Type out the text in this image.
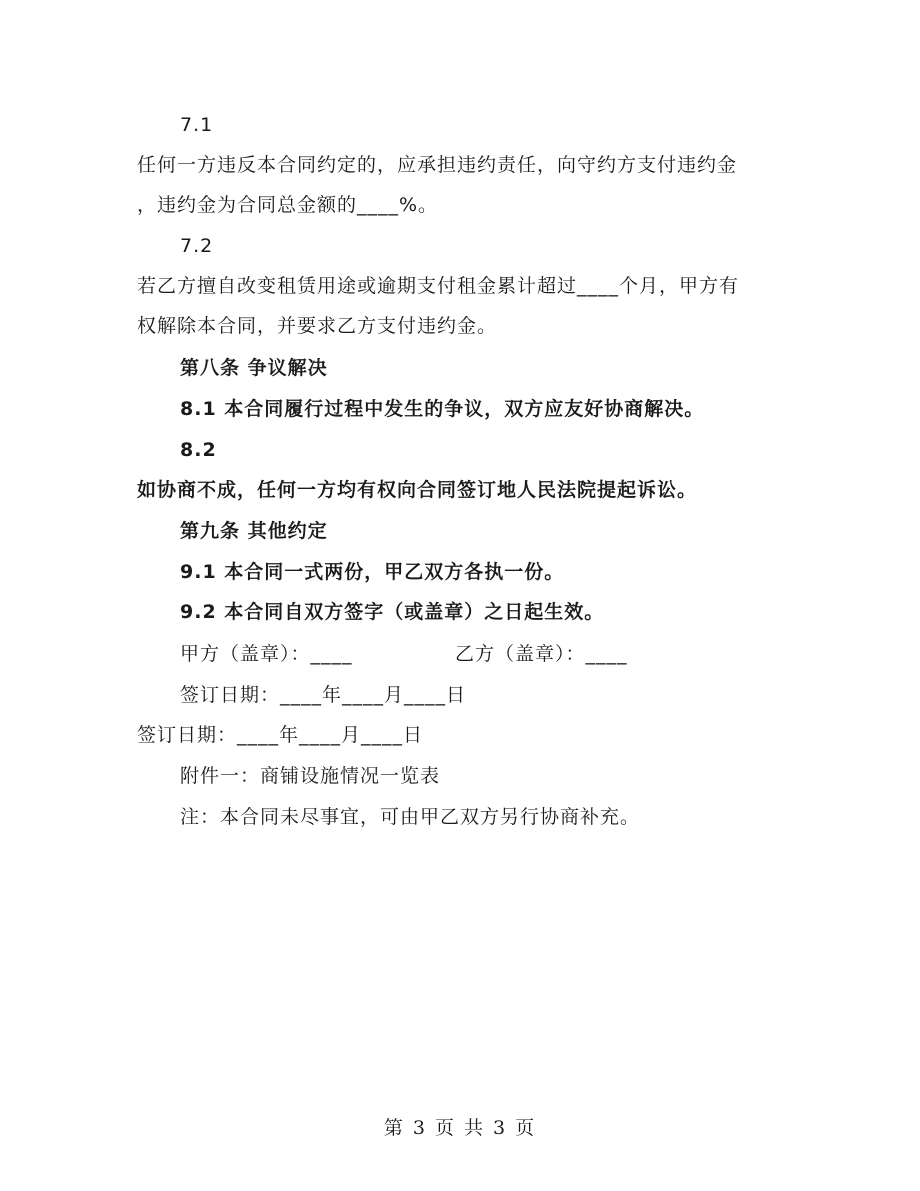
7.1
任何一方违反本合同约定的，应承担违约责任，向守约方支付违约金
，违约金为合同总金额的____%。
7.2
若乙方擅自改变租赁用途或逾期支付租金累计超过____个月，甲方有
权解除本合同，并要求乙方支付违约金。
第八条 争议解决
8.1 本合同履行过程中发生的争议，双方应友好协商解决。
8.2
如协商不成，任何一方均有权向合同签订地人民法院提起诉讼。
第九条 其他约定
9.1 本合同一式两份，甲乙双方各执一份。
9.2 本合同自双方签字（或盖章）之日起生效。
甲方（盖章）：____	乙方（盖章）：____
签订日期：____年____月____日
签订日期：____年____月____日
附件一：商铺设施情况一览表
注：本合同未尽事宜，可由甲乙双方另行协商补充。
第 3 页 共 3 页
